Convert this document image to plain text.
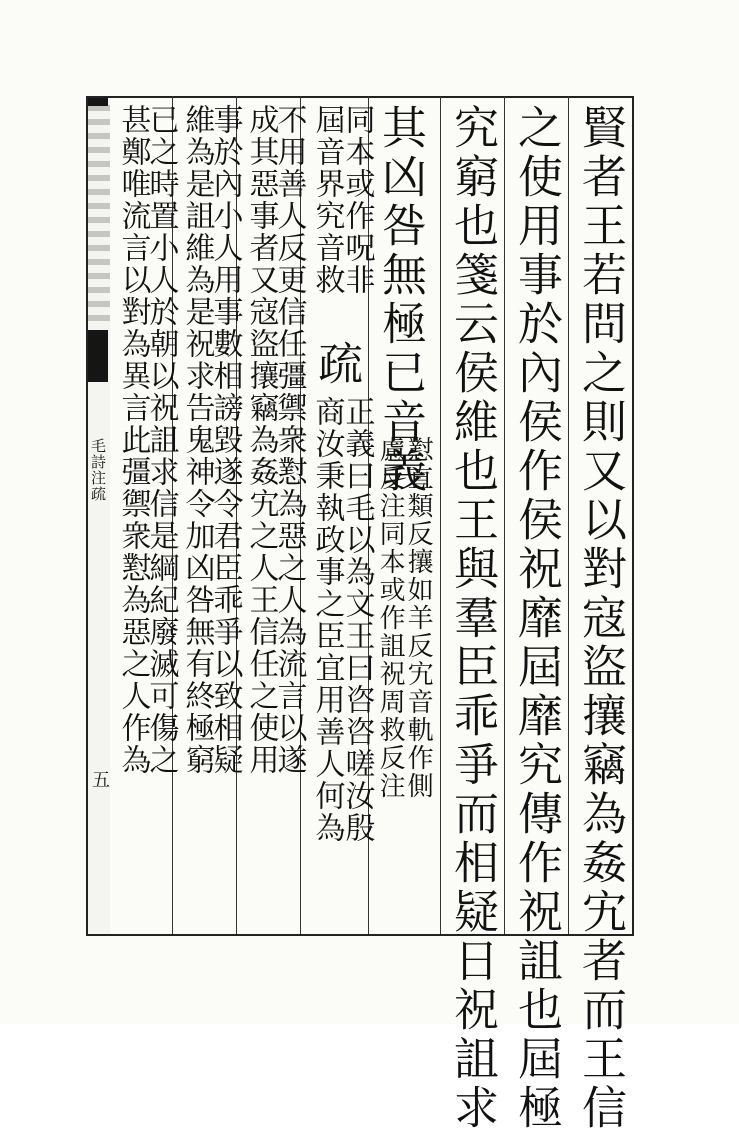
毛詩注疏
五	賢者王若問之則又以對寇盜攘竊為姦宄者而王信
之使用事於內侯作侯祝靡屆靡究傳作祝詛也屆極
究窮也箋云侯維也王與羣臣乖爭而相疑日祝詛求
其凶咎無極已音義
懟直類反攘如羊反宄音軌作側
慮反注同本或作詛祝周救反注
同本或作呪非
屆音界究音救
疏
正義曰毛以為文王曰咨咨嗟汝殷
商汝秉執政事之臣宜用善人何為
不用善人反更信任彊禦衆懟為惡之人為流言以遂
成其惡事者又寇盜攘竊為姦宄之人王信任之使用
事於內小人用事數相謗毀遂令君臣乖爭以致相疑
維為是詛維為是祝求告鬼神令加凶咎無有終極窮
已之時置小人於朝以祝詛求信是綱紀廢滅可傷之
甚鄭唯流言以對為異言此彊禦衆懟為惡之人作為
